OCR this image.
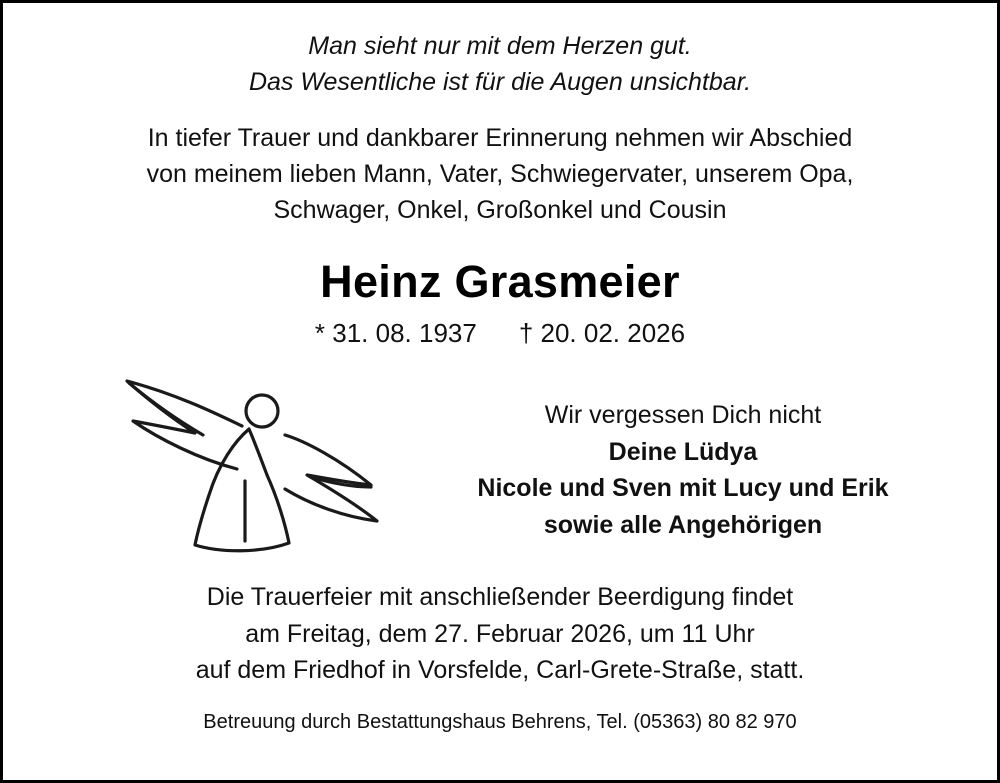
Man sieht nur mit dem Herzen gut.
Das Wesentliche ist für die Augen unsichtbar.
In tiefer Trauer und dankbarer Erinnerung nehmen wir Abschied
von meinem lieben Mann, Vater, Schwiegervater, unserem Opa,
Schwager, Onkel, Großonkel und Cousin
Heinz Grasmeier
* 31. 08. 1937 † 20. 02. 2026
Wir vergessen Dich nicht
Deine Lüdya
Nicole und Sven mit Lucy und Erik
sowie alle Angehörigen
Die Trauerfeier mit anschließender Beerdigung findet
am Freitag, dem 27. Februar 2026, um 11 Uhr
auf dem Friedhof in Vorsfelde, Carl-Grete-Straße, statt.
Betreuung durch Bestattungshaus Behrens, Tel. (05363) 80 82 970
